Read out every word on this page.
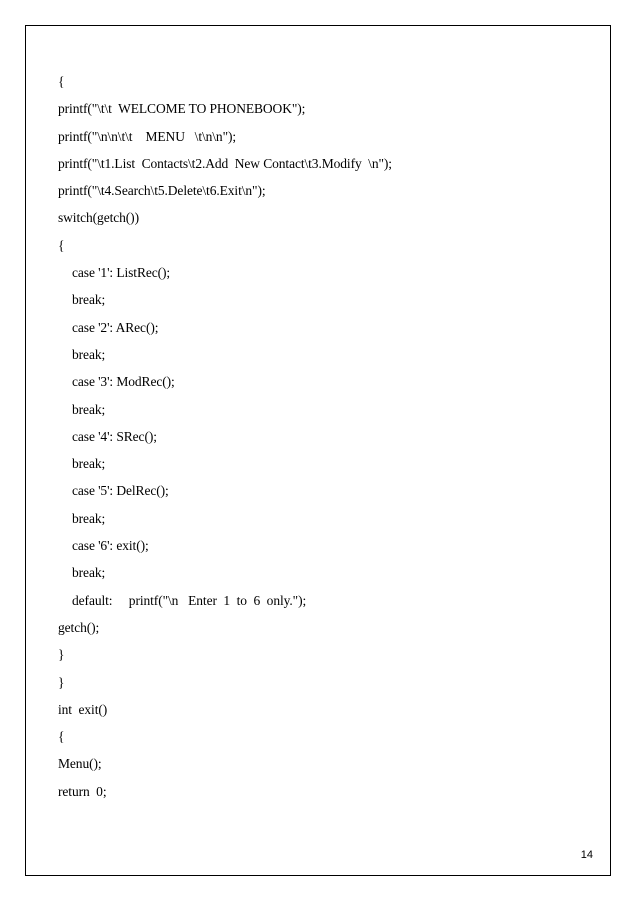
{
printf("\t\t  WELCOME TO PHONEBOOK");
printf("\n\n\t\t    MENU   \t\n\n");
printf("\t1.List  Contacts\t2.Add  New Contact\t3.Modify  \n");
printf("\t4.Search\t5.Delete\t6.Exit\n");
switch(getch())
{
case '1': ListRec();
break;
case '2': ARec();
break;
case '3': ModRec();
break;
case '4': SRec();
break;
case '5': DelRec();
break;
case '6': exit();
break;
default:     printf("\n   Enter  1  to  6  only.");
getch();
}
}
int  exit()
{
Menu();
return  0;
14
